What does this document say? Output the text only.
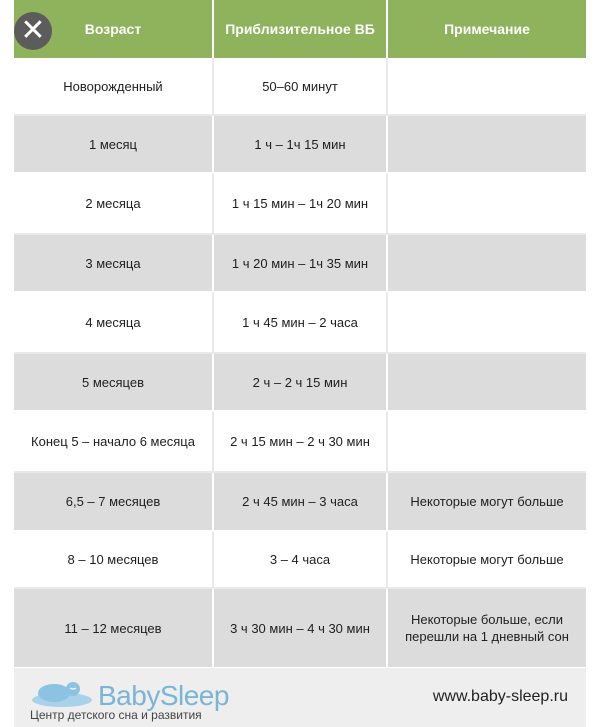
Возраст	Приблизительное ВБ	Примечание
Новорожденный	50–60 минут	
1 месяц	1 ч – 1ч 15 мин	
2 месяца	1 ч 15 мин – 1ч 20 мин	
3 месяца	1 ч 20 мин – 1ч 35 мин	
4 месяца	1 ч 45 мин – 2 часа	
5 месяцев	2 ч – 2 ч 15 мин	
Конец 5 – начало 6 месяца	2 ч 15 мин – 2 ч 30 мин	
6,5 – 7 месяцев	2 ч 45 мин – 3 часа	Некоторые могут больше
8 – 10 месяцев	3 – 4 часа	Некоторые могут больше
11 – 12 месяцев	3 ч 30 мин – 4 ч 30 мин	Некоторые больше, если перешли на 1 дневный сон
✕
BabySleep
Центр детского сна и развития
www.baby-sleep.ru
